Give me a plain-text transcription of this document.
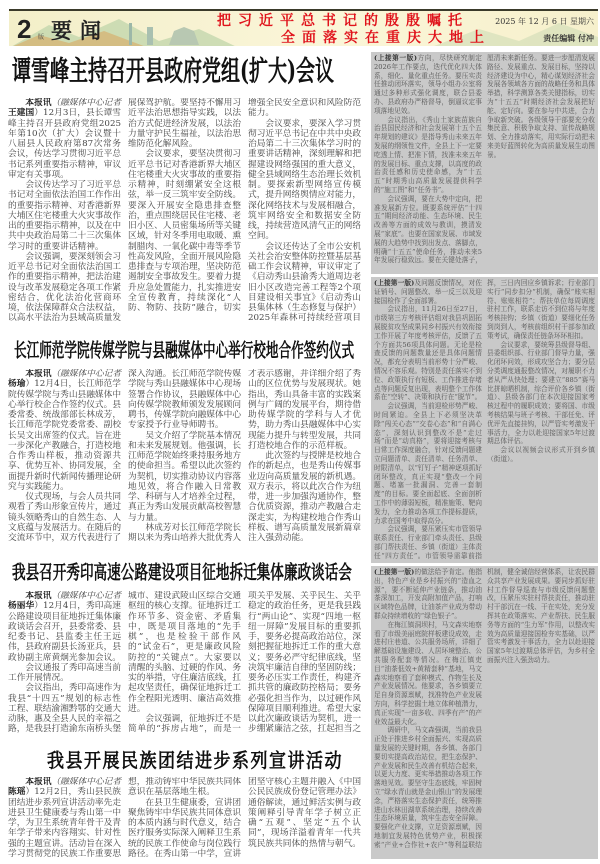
2 版 要闻	把习近平总书记的殷殷嘱托
全面落实在重庆大地上
2025 年 12 月 6 日 星期六
责任编辑 付冲
谭雪峰主持召开县政府党组(扩大)会议

本报讯（融媒体中心记者 王建国）12月3日，县长谭雪峰主持召开县政府党组2025年第10次（扩大）会议暨十八届县人民政府第87次常务会议，传达学习贯彻习近平总书记系列重要指示精神，审议审定有关事项。

会议传达学习了习近平总书记对全面依法治国工作作出的重要指示精神、对香港新界大埔区住宅楼重大火灾事故作出的重要指示精神，以及在中共中央政治局第二十三次集体学习时的重要讲话精神。

会议强调，要深刻领会习近平总书记对全面依法治国工作的重要指示精神，把法治建设与改革发展稳定各项工作紧密结合，优化法治化营商环境，依法保障群众合法权益，以高水平法治为县域高质量发展保驾护航。要坚持不懈用习近平法治思想指导实践，以法治方式促进经济发展，以法治力量守护民生福祉，以法治思维防范化解风险。

会议要求，要坚决贯彻习近平总书记对香港新界大埔区住宅楼重大火灾事故的重要指示精神，时刻绷紧安全这根弦，举一反三筑牢安全防线。要深入开展安全隐患排查整治，重点围绕居民住宅楼、老旧小区、人员密集场所等关键区域，针对冬季用电取暖、熏制腊肉、一氧化碳中毒等季节性高发风险，全面开展风险隐患排查与专项治理，坚决防范遏制安全事故发生。要着力提升应急处置能力，扎实推进安全宣传教育，持续深化“人防、物防、技防”融合，切实增强全民安全意识和风险防范能力。

会议要求，要深入学习贯彻习近平总书记在中共中央政治局第二十三次集体学习时的重要讲话精神，深刻理解和把握建设网络强国的重大意义，健全县域网络生态治理长效机制。要探索新型网络宣传模式，提升网络舆情应对能力，深化网络技术与发展相融合，筑牢网络安全和数据安全防线，持续营造风清气正的网络空间。

会议还传达了全市公安机关社会治安整体防控暨基层基础工作会议精神，审议审定了《启动秀山县渝秀大道周边老旧小区改造完善工程等2个项目建设相关事宜》《启动秀山县集体林（生态修复与保护）2025年森林可持续经营项目

长江师范学院传媒学院与县融媒体中心举行校地合作签约仪式

本报讯（融媒体中心记者 杨瑜）12月4日，长江师范学院传媒学院与秀山县融媒体中心举行校企合作签约仪式。县委常委、统战部部长林成芳，长江师范学院党委常委、副校长吴文出席签约仪式。旨在进一步深化产教融合，打造校地合作秀山样板，推动资源共享、优势互补、协同发展，全面提升新时代新闻传播理论研究与实践能力。

仪式现场，与会人员共同观看了秀山形象宣传片，通过镜头领略秀山的自然生态、人文底蕴与发展活力。在随后的交流环节中，双方代表进行了深入沟通。长江师范学院传媒学院与秀山县融媒体中心现场签署合作协议，县融媒体中心向传媒学院教师颁发发展顾问聘书，传媒学院向融媒体中心专家授予行业导师聘书。

吴文介绍了学院基本情况和未来发展规划。他强调，长江师范学院始终秉持服务地方的使命担当。希望以此次签约为契机，切实推动协议内容落地见效，将合作融入日常教学、科研与人才培养全过程，真正为秀山发展贡献高校智慧与力量。

林成芳对长江师范学院长期以来为秀山培养大批优秀人才表示感谢，并详细介绍了秀山的区位优势与发展现状。她指出，秀山具备丰富的实践案例与广阔的发展平台，期待借助传媒学院的学科与人才优势，助力秀山县融媒体中心实现能力提升与转型发展，共同打造校地合作的示范样板。

此次签约与授牌是校地合作的新起点，也是秀山传媒事业迈向高质量发展的新机遇。双方表示，将以此次合作为纽带，进一步加强沟通协作，整合优质资源，推动产教融合走深走实，为构建校地合作秀山样板、谱写高质量发展新篇章注入强劲动能。

我县召开秀印高速公路建设项目征地拆迁集体廉政谈话会

本报讯（融媒体中心记者 杨丽华）12月4日，秀印高速公路建设项目征地拆迁集体廉政谈话会召开，县委常委、县纪委书记、县监委主任王远伟，县政府副县长汤亚兵，县政协副主席黄炯光参加会议。

会议通报了秀印高速当前工作开展情况。

会议指出，秀印高速作为我县“十四五”规划的标志性工程、联结渝湘黔鄂的交通大动脉，惠及全县人民的幸福之路，是我县打造渝东南桥头堡城市、建设武陵山区综合交通枢纽的核心支撑。征地拆迁工作环节多、资金密、矛盾集中，既是项目落地的“先手棋”，也是检验干部作风的“试金石”，更是廉政风险防控的“关键点”。大家要以清醒的头脑、过硬的作风、务实的举措，守住廉洁底线，扛起攻坚责任，确保征地拆迁工作全程阳光透明、廉洁高效推进。

会议强调，征地拆迁不是简单的“拆房占地”，而是一项关乎发展、关乎民生、关乎稳定的政治任务，更是我县践行“两山论”、实现“四地一枢纽一屏障”发展目标的重要抓手，要务必提高政治站位，深刻把握征地拆迁工作的重大意义；要务必严守纪律底线，坚决筑牢廉洁自律的坚固防线；要务必压实工作责任，构建齐抓共管的廉政防控格局；要务必强化担当作为，以过硬作风保障项目顺利推进。希望大家以此次廉政谈话为契机，进一步绷紧廉洁之弦，扛起担当之

我县开展民族团结进步系列宣讲活动

本报讯（融媒体中心记者 陈瑶）12月2日，秀山县民族团结进步系列宣讲活动率先走进县卫生健康委与秀山第一中学，为卫生系统青年骨干及青年学子带来内容翔实、针对性强的主题宣讲。活动旨在深入学习贯彻党的民族工作重要思想，推动铸牢中华民族共同体意识在基层落地生根。

在县卫生健康委，宣讲团聚焦铸牢中华民族共同体意识的本质内涵与时代意义，结合医疗服务实际深入阐释卫生系统的民族工作使命与岗位践行路径。在秀山第一中学，宣讲团坚守核心主题并融入《中国公民民族成份登记管理办法》通俗解读，通过鲜活实例与政策阐释引导青年学子树立正确“五观”、坚定“五个认同”，现场洋溢着青年一代共筑民族共同体的热情与朝气。

(上接第一版)方向，尽快研究制定2026年工作要点，迭代优化四大体系，细化、量化重点任务。要压实责任推动闭环落实，领导小组办公室将通过多种形式强化调度，联合县委办、县政府办严格督导，倒逼议定事项落地见效。

会议指出，《秀山土家族苗族自治县国民经济和社会发展第十五个五年规划的建议》是指导秀山未来五年发展的纲领性文件，全县上下一定要吃透上情、把准下情，找准未来五年的发展目标、重点支撑，以高度的政治责任感和历史使命感，为“十五五”时期秀山高质量发展提供科学的“施工图”和“任务书”。

会议强调，要在大势中定向，把准发展新方位。既要系统评估“十四五”期间经济动能、生态环境、民生改善等方面的成效与教训，摸清发展“家底”。也要在国家发展、市域发展的大趋势中找到出发点、落脚点，明确“十五五”使命任务，推动未来5年发展行稳致远。要在关键处落子，厘清未来新任务。要进一步厘清发展路径、发展重点、发展目标，坚持以经济建设为中心，精心谋划经济社会发展各领域各方面的战略任务和具体举措，科学测算各类关键指标，切实为“十五五”时期经济社会发展把好舵、定好向。要在参与中共进，合力争取新突破。各级领导干部要充分收集民意、积极争取支持、宣传战略规划、全力推动落实，用实际行动把未来美好蓝图转化为高质量发展生动图景。

(上接第一版)及问题反馈情况，对佐证销号、问题整改、举一反三以及迎接国检作了全面部署。

会议指出，11月26日至27日，市级第三方考核评估组对我县巩固拓展脱贫攻坚成果同乡村振兴有效衔接工作开展了年度考核评估，反馈了五个方面共56项具体问题。无论是检查反馈的问题数量还是具体问题情况，都充分表明当前形势十分严峻、情况不容乐观。特别是责任落实不到位、政策执行有短板、工作推进存堵点等问题反复出现，表明整个工作体系在“空转”、决策和执行在“脱节”。

会议强调，当前迎检形势严峻、时间紧迫。全县上下必须坚决革除“闯关心态”“交卷心态”和“自满心态”，深刻认识到整改不是“走过场”而是“动真格”，要将迎接考核与日常工作深度融合，针对反馈问题建立问题清单、责任清单、任务清单、时限清单，以“钉钉子”精神逐项抓好闭环整改，真正实现“整改一个问题、堵塞一批漏洞、完善一套制度”的目标。要全面起底、全面剖析工作中的薄弱短板，精准施策、靶向发力，全力推动各项工作提标提质，力求在国考中取得高分。

会议强调，要压紧压实市管领导联系责任、行业部门牵头责任、县级部门帮扶责任、乡镇（街道）主体责任“四方责任”。市管领导需靠前指挥，三日内回应乡镇诉求；行业部门实行“同步扣分”机制，确保“账实相符、账账相符”；帮扶单位每周调度驻村工作，联系走访不到位将与年度考核挂钩；乡镇（街道）要细化任务到岗到人，考核前组织村干部参加政策考试，确保责任链条环环相扣。

会议要求，要统筹县级督导组、县委组织部、行业部门督导力量，强化闭环问效，形成攻坚合力；要分层分类调度通报整改情况，对履职不力者从严从快处理；要建立“885”赛马比拼晾晒机制，综合评价各乡镇（街道）、县级各部门在本次迎接国家考核过程中的履职成效；要将国、市级考核结果与班子考核、干部任免、评优评先直接挂钩，以严管实考激发干事活力，全力以赴迎接国家5年过渡期总体评估。

会议以视频会议形式开到乡镇（街道）。

(上接第一版)的做法给予肯定。他指出，特色产业是乡村振兴的“造血之源”，要不断延伸产业链条，推动油茶深加工，开发高附加值产品，打响区域特色品牌，让油茶产业成为带动群众持续增收的“绿色银子”。

在梅江镇洞坝村，马文森实地察看了市级美丽庭院样板建设成效，走进村庄巷道、公共服务场所，详细了解基础设施建设、人居环境整治、公共服务配套等情况。在梅江镇吏目“油茶低效+黄精套种”基地，马文森实地察看了套种模式、作物生长及产业发展情况。他要求，各乡镇要立足自身资源禀赋，找准特色产业发展方向，科学挖掘土地立体种植潜力，真正实现“一亩多收、四季有产”的产业效益最大化。

调研中，马文森强调，当前我县正处于推进乡村全面振兴、实现高质量发展的关键时期，各乡镇、各部门要切实提高政治站位，把生态保护、产业发展和民生改善有机结合起来，以更大力度、更实举措推动各项工作落地见效。要坚守生态底线，牢固树立“绿水青山就是金山银山”的发展理念，严格落实生态保护责任，统筹推进山水林田湖草系统治理，持续改善生态环境质量，筑牢生态安全屏障。要强化产业支撑，立足资源禀赋，因地制宜发展特色优势产业，积极探索“产业+合作社+农户”等利益联结机制，健全诚信经营体系，让农民群众共享产业发展成果。要同步抓好驻村工作督导巡查与市级反馈问题整改，压紧压实驻村帮扶责任，推动驻村干部沉在一线、干在实处，充分发挥其在政策落实、产业帮扶、民生服务等方面的“生力军”作用，以整改实效为高质量迎接国检夯实基础，以严管实考激发干事活力，全力以赴迎接国家5年过渡期总体评估，为乡村全面振兴注入强劲动力。
